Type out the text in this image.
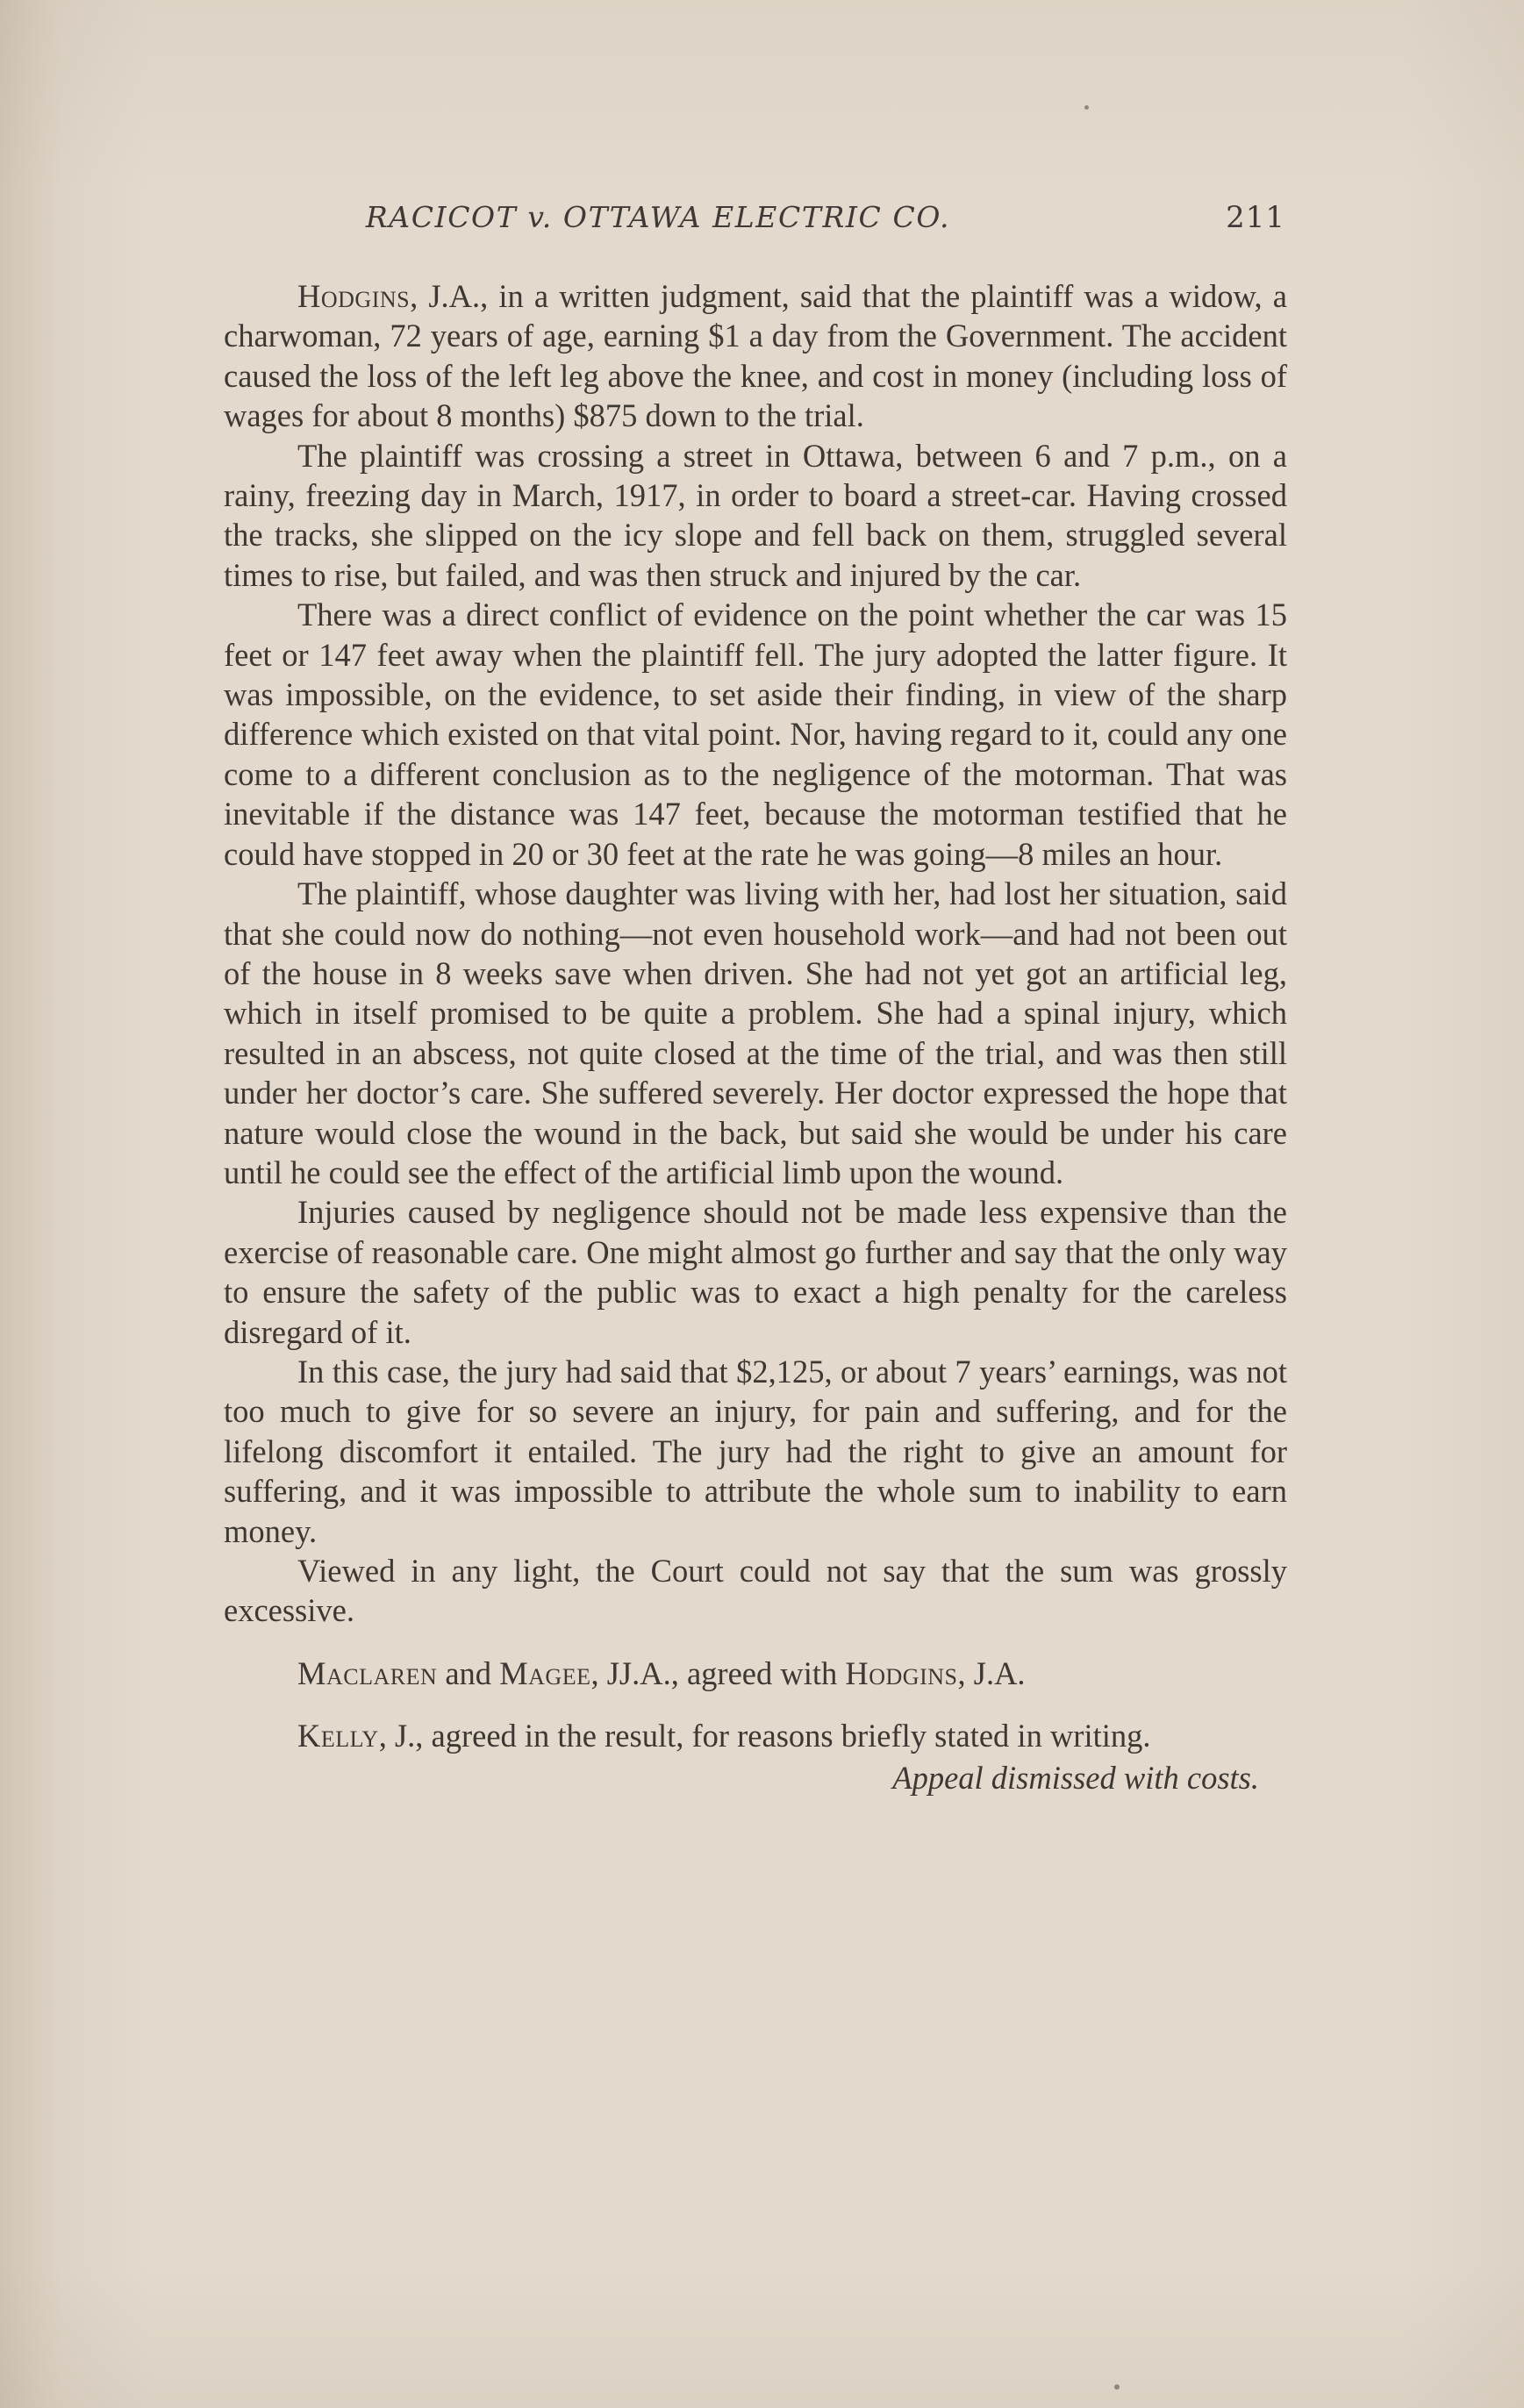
RACICOT v. OTTAWA ELECTRIC CO.	211

Hodgins, J.A., in a written judgment, said that the plaintiff was a widow, a charwoman, 72 years of age, earning $1 a day from the Government. The accident caused the loss of the left leg above the knee, and cost in money (including loss of wages for about 8 months) $875 down to the trial.

The plaintiff was crossing a street in Ottawa, between 6 and 7 p.m., on a rainy, freezing day in March, 1917, in order to board a street-car. Having crossed the tracks, she slipped on the icy slope and fell back on them, struggled several times to rise, but failed, and was then struck and injured by the car.

There was a direct conflict of evidence on the point whether the car was 15 feet or 147 feet away when the plaintiff fell. The jury adopted the latter figure. It was impossible, on the evidence, to set aside their finding, in view of the sharp difference which existed on that vital point. Nor, having regard to it, could any one come to a different conclusion as to the negligence of the motorman. That was inevitable if the distance was 147 feet, because the motorman testified that he could have stopped in 20 or 30 feet at the rate he was going—8 miles an hour.

The plaintiff, whose daughter was living with her, had lost her situation, said that she could now do nothing—not even household work—and had not been out of the house in 8 weeks save when driven. She had not yet got an artificial leg, which in itself promised to be quite a problem. She had a spinal injury, which resulted in an abscess, not quite closed at the time of the trial, and was then still under her doctor’s care. She suffered severely. Her doctor expressed the hope that nature would close the wound in the back, but said she would be under his care until he could see the effect of the artificial limb upon the wound.

Injuries caused by negligence should not be made less expensive than the exercise of reasonable care. One might almost go further and say that the only way to ensure the safety of the public was to exact a high penalty for the careless disregard of it.

In this case, the jury had said that $2,125, or about 7 years’ earnings, was not too much to give for so severe an injury, for pain and suffering, and for the lifelong discomfort it entailed. The jury had the right to give an amount for suffering, and it was impossible to attribute the whole sum to inability to earn money.

Viewed in any light, the Court could not say that the sum was grossly excessive.

Maclaren and Magee, JJ.A., agreed with Hodgins, J.A.

Kelly, J., agreed in the result, for reasons briefly stated in writing.

Appeal dismissed with costs.
